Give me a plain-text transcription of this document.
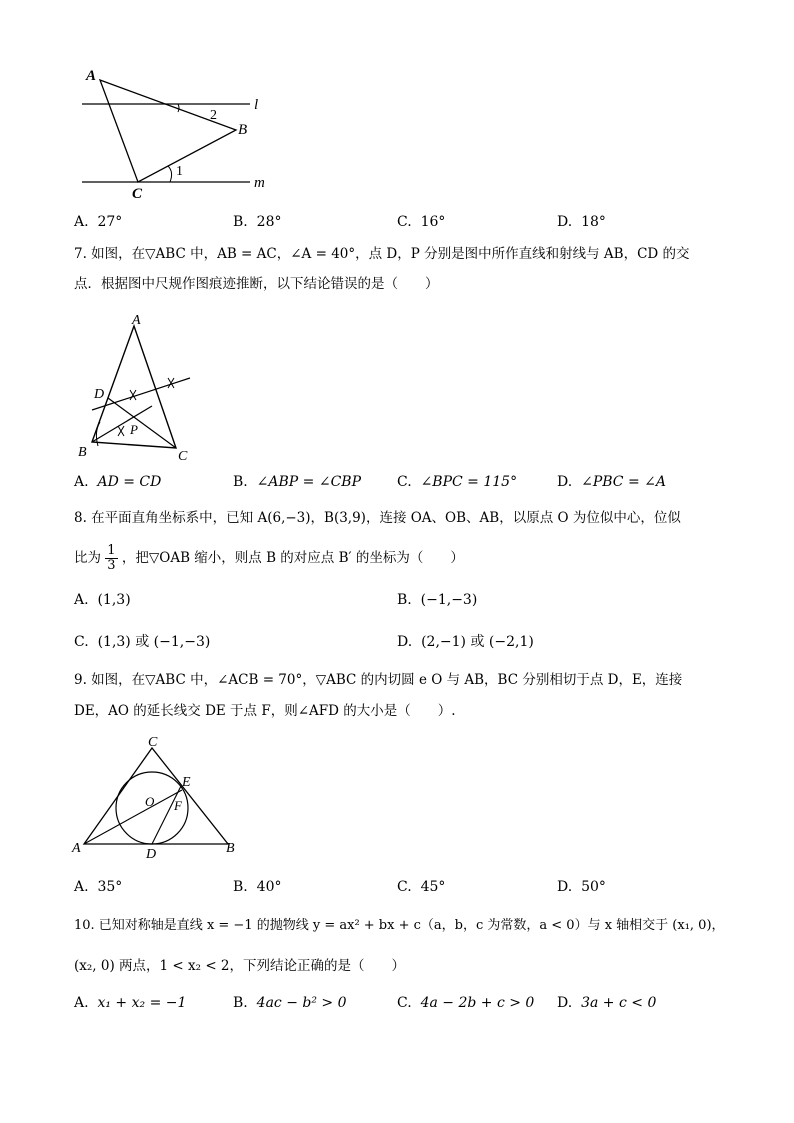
A
B
C
l
m
1
2
A. 27°	B. 28°	C. 16°	D. 18°
7. 如图，在▽ABC 中，AB = AC，∠A = 40°，点 D，P 分别是图中所作直线和射线与 AB，CD 的交
点．根据图中尺规作图痕迹推断，以下结论错误的是（　　）
A
D
P
B	C
A. AD = CD	B. ∠ABP = ∠CBP	C. ∠BPC = 115°	D. ∠PBC = ∠A
8. 在平面直角坐标系中，已知 A(6,−3)，B(3,9)，连接 OA、OB、AB，以原点 O 为位似中心，位似
比为 $\frac{1}{3}$ ，把▽OAB 缩小，则点 B 的对应点 B′ 的坐标为（　　）
A. (1,3)	B. (−1,−3)
C. (1,3) 或 (−1,−3)	D. (2,−1) 或 (−2,1)
9. 如图，在▽ABC 中，∠ACB = 70°，▽ABC 的内切圆 e O 与 AB，BC 分别相切于点 D，E，连接
DE，AO 的延长线交 DE 于点 F，则∠AFD 的大小是（　　）.
C
E
O F
A	D	B
A. 35°	B. 40°	C. 45°	D. 50°
10. 已知对称轴是直线 x = −1 的抛物线 y = ax² + bx + c（a，b，c 为常数，a < 0）与 x 轴相交于 (x₁, 0)，
(x₂, 0) 两点，1 < x₂ < 2，下列结论正确的是（　　）
A. x₁ + x₂ = −1	B. 4ac − b² > 0	C. 4a − 2b + c > 0 D. 3a + c < 0
